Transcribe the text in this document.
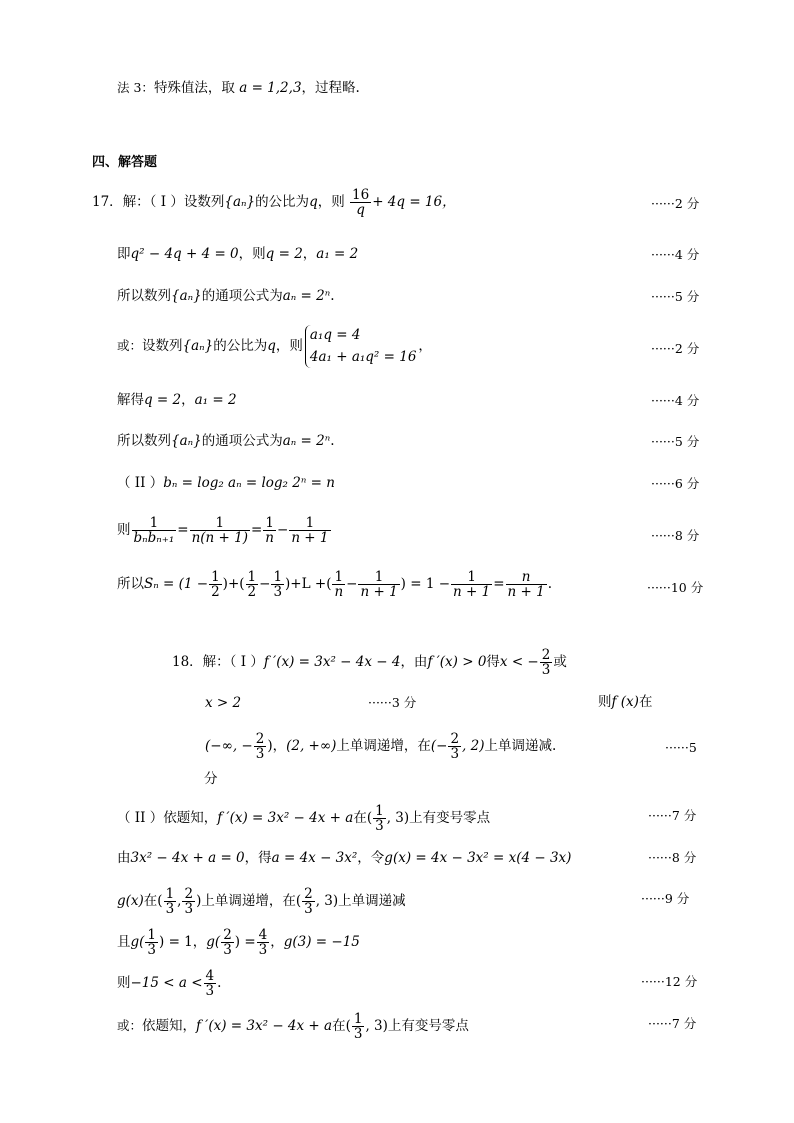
法 3：特殊值法，取 a = 1,2,3，过程略.
四、解答题
17．解：（ I ）设数列{aₙ}的公比为q，则 $\frac{16}{q} + 4q = 16$，	······2 分
即q² − 4q + 4 = 0，则q = 2，a₁ = 2	······4 分
所以数列{aₙ}的通项公式为aₙ = 2ⁿ.	······5 分
或：设数列{aₙ}的公比为q，则
a₁q = 4
4a₁ + a₁q² = 16
，	······2 分
解得q = 2，a₁ = 2	······4 分
所以数列{aₙ}的通项公式为aₙ = 2ⁿ.	······5 分
（ II ）bₙ = log₂ aₙ = log₂ 2ⁿ = n	······6 分
则 $\frac{1}{\text{bₙbₙ₊₁}} = \frac{1}{n(n + 1)} = \frac{1}{n} - \frac{1}{n + 1}$	······8 分
所以$S_n = (1 - \frac{1}{2}$ )+( $\frac{1}{2} - \frac{1}{3} )+L$ +( $\frac{1}{n} - \frac{1}{n + 1}$ ) = $1 - \frac{1}{n + 1} = \frac{n}{n + 1}$ .	······10 分
18．解：（ I ）f ′(x) = 3x² − 4x − 4，由f ′(x) > 0得x < − $\frac{2}{3}$ 或
x > 2	······3 分	则f (x)在
(−∞, − $\frac{2}{3}$ )，(2, +∞)上单调递增，在(− $\frac{2}{3}$ , 2)上单调递减.	······5
分
（ II ）依题知，f ′(x) = 3x² − 4x + a在( $\frac{1}{3}$ , 3)上有变号零点	······7 分
由3x² − 4x + a = 0，得a = 4x − 3x²，令g(x) = 4x − 3x² = x(4 − 3x)	······8 分
g(x)在( $\frac{1}{3}$ , $\frac{2}{3}$ )上单调递增，在( $\frac{2}{3}$ , 3)上单调递减	······9 分
且$g( \frac{1}{3}$ ) = 1，$g( \frac{2}{3}$ ) = $\frac{4}{3}$ ，g(3) = −15
则$-15 < a < \frac{4}{3}$ .	······12 分
或：依题知，f ′(x) = 3x² − 4x + a在( $\frac{1}{3}$ , 3)上有变号零点	······7 分
